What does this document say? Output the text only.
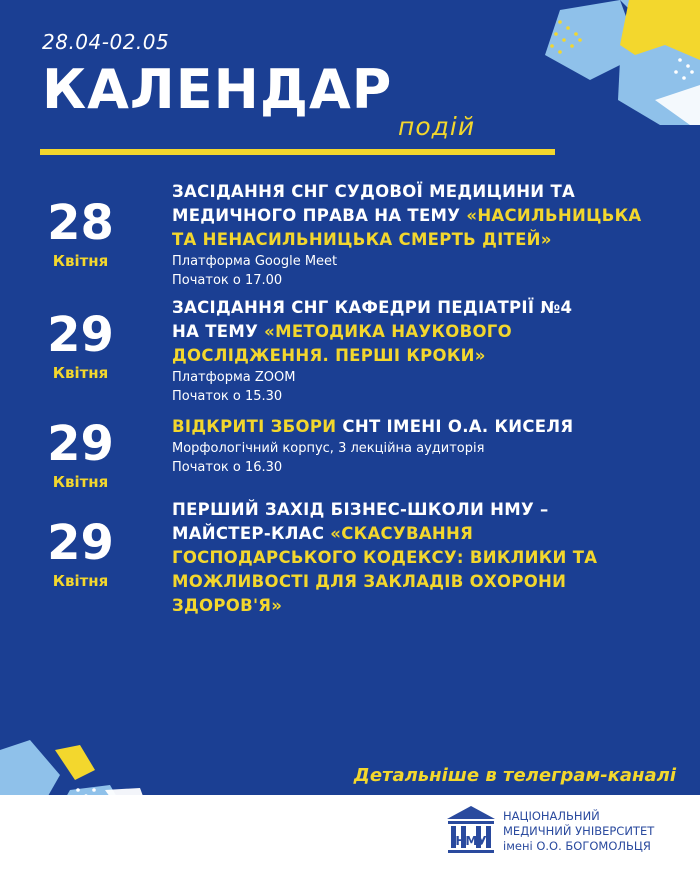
28.04-02.05
КАЛЕНДАР
подій
28
Квітня
ЗАСІДАННЯ СНГ СУДОВОЇ МЕДИЦИНИ ТА
МЕДИЧНОГО ПРАВА НА ТЕМУ «НАСИЛЬНИЦЬКА
ТА НЕНАСИЛЬНИЦЬКА СМЕРТЬ ДІТЕЙ»
Платформа Google Meet
Початок о 17.00
29
Квітня
ЗАСІДАННЯ СНГ КАФЕДРИ ПЕДІАТРІЇ №4
НА ТЕМУ «МЕТОДИКА НАУКОВОГО
ДОСЛІДЖЕННЯ. ПЕРШІ КРОКИ»
Платформа ZOOM
Початок о 15.30
29
Квітня
ВІДКРИТІ ЗБОРИ СНТ ІМЕНІ О.А. КИСЕЛЯ
Морфологічний корпус, 3 лекційна аудиторія
Початок о 16.30
29
Квітня
ПЕРШИЙ ЗАХІД БІЗНЕС-ШКОЛИ НМУ –
МАЙСТЕР-КЛАС «СКАСУВАННЯ
ГОСПОДАРСЬКОГО КОДЕКСУ: ВИКЛИКИ ТА
МОЖЛИВОСТІ ДЛЯ ЗАКЛАДІВ ОХОРОНИ
ЗДОРОВ'Я»
Детальніше в телеграм-каналі
НМУ
НАЦІОНАЛЬНИЙ
МЕДИЧНИЙ УНІВЕРСИТЕТ
імені О.О. БОГОМОЛЬЦЯ
